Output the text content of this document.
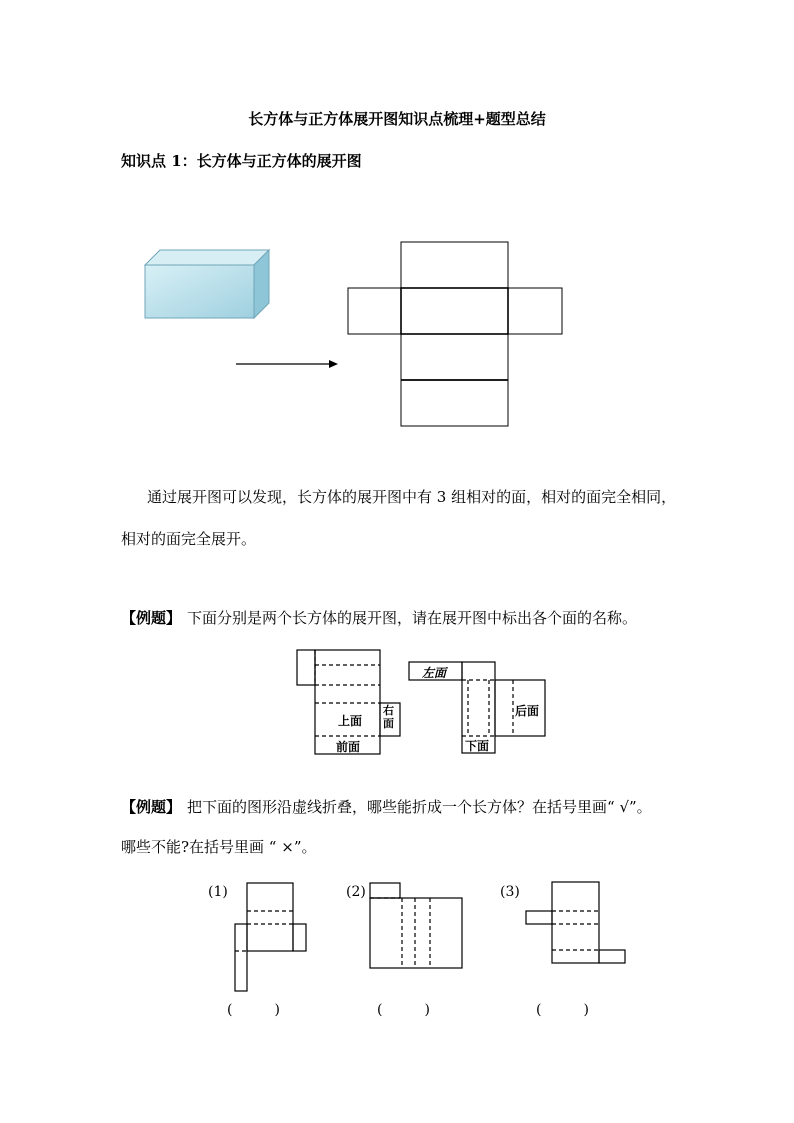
长方体与正方体展开图知识点梳理+题型总结
知识点 1：长方体与正方体的展开图
通过展开图可以发现，长方体的展开图中有 3 组相对的面，相对的面完全相同，相对的面完全展开。
【例题】 下面分别是两个长方体的展开图，请在展开图中标出各个面的名称。
上面
右面
前面
左面
后面
下面
【例题】 把下面的图形沿虚线折叠，哪些能折成一个长方体？在括号里画“ √”。
哪些不能?在括号里画 “ ×”。
(1)	(2)	(3)
(　　　)	(　　　)	(　　　)
